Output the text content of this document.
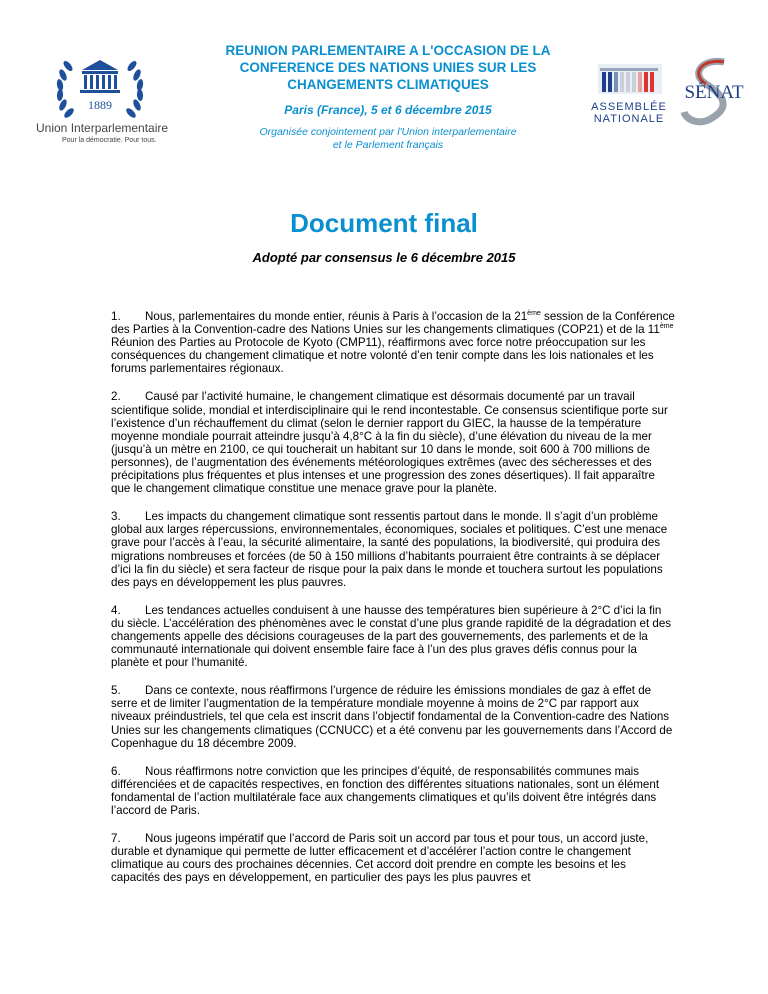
1889
Union Interparlementaire
Pour la démocratie. Pour tous.
REUNION PARLEMENTAIRE A L'OCCASION DE LA
CONFERENCE DES NATIONS UNIES SUR LES
CHANGEMENTS CLIMATIQUES
Paris (France), 5 et 6 décembre 2015
Organisée conjointement par l'Union interparlementaire
et le Parlement français
ASSEMBLÉE
NATIONALE
SÉNAT
Document final
Adopté par consensus le 6 décembre 2015

1. Nous, parlementaires du monde entier, réunis à Paris à l’occasion de la 21ème session de la Conférence des Parties à la Convention-cadre des Nations Unies sur les changements climatiques (COP21) et de la 11ème Réunion des Parties au Protocole de Kyoto (CMP11), réaffirmons avec force notre préoccupation sur les conséquences du changement climatique et notre volonté d’en tenir compte dans les lois nationales et les forums parlementaires régionaux.

2. Causé par l’activité humaine, le changement climatique est désormais documenté par un travail scientifique solide, mondial et interdisciplinaire qui le rend incontestable. Ce consensus scientifique porte sur l’existence d’un réchauffement du climat (selon le dernier rapport du GIEC, la hausse de la température moyenne mondiale pourrait atteindre jusqu’à 4,8°C à la fin du siècle), d’une élévation du niveau de la mer (jusqu’à un mètre en 2100, ce qui toucherait un habitant sur 10 dans le monde, soit 600 à 700 millions de personnes), de l’augmentation des événements météorologiques extrêmes (avec des sécheresses et des précipitations plus fréquentes et plus intenses et une progression des zones désertiques). Il fait apparaître que le changement climatique constitue une menace grave pour la planète.

3. Les impacts du changement climatique sont ressentis partout dans le monde. Il s’agit d’un problème global aux larges répercussions, environnementales, économiques, sociales et politiques. C’est une menace grave pour l’accès à l’eau, la sécurité alimentaire, la santé des populations, la biodiversité, qui produira des migrations nombreuses et forcées (de 50 à 150 millions d’habitants pourraient être contraints à se déplacer d’ici la fin du siècle) et sera facteur de risque pour la paix dans le monde et touchera surtout les populations des pays en développement les plus pauvres.

4. Les tendances actuelles conduisent à une hausse des températures bien supérieure à 2°C d’ici la fin du siècle. L’accélération des phénomènes avec le constat d’une plus grande rapidité de la dégradation et des changements appelle des décisions courageuses de la part des gouvernements, des parlements et de la communauté internationale qui doivent ensemble faire face à l’un des plus graves défis connus pour la planète et pour l’humanité.

5. Dans ce contexte, nous réaffirmons l’urgence de réduire les émissions mondiales de gaz à effet de serre et de limiter l’augmentation de la température mondiale moyenne à moins de 2°C par rapport aux niveaux préindustriels, tel que cela est inscrit dans l’objectif fondamental de la Convention-cadre des Nations Unies sur les changements climatiques (CCNUCC) et a été convenu par les gouvernements dans l’Accord de Copenhague du 18 décembre 2009.

6. Nous réaffirmons notre conviction que les principes d’équité, de responsabilités communes mais différenciées et de capacités respectives, en fonction des différentes situations nationales, sont un élément fondamental de l’action multilatérale face aux changements climatiques et qu’ils doivent être intégrés dans l’accord de Paris.

7. Nous jugeons impératif que l’accord de Paris soit un accord par tous et pour tous, un accord juste, durable et dynamique qui permette de lutter efficacement et d’accélérer l’action contre le changement climatique au cours des prochaines décennies. Cet accord doit prendre en compte les besoins et les capacités des pays en développement, en particulier des pays les plus pauvres et
